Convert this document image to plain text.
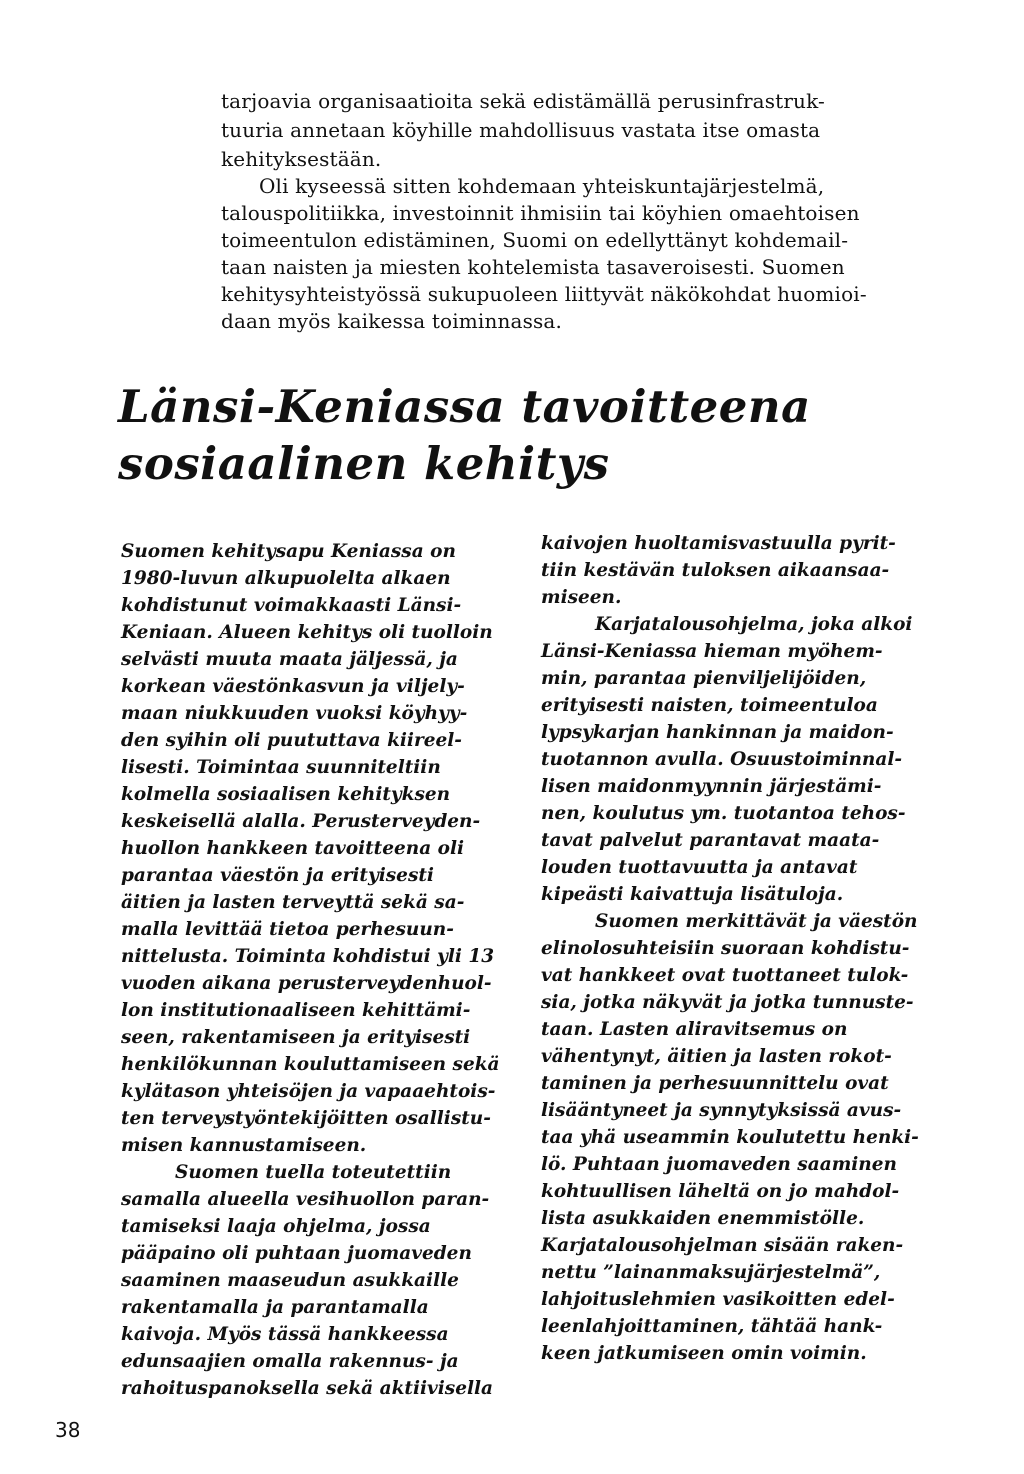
tarjoavia organisaatioita sekä edistämällä perusinfrastruk-

tuuria annetaan köyhille mahdollisuus vastata itse omasta

kehityksestään.

Oli kyseessä sitten kohdemaan yhteiskuntajärjestelmä,

talouspolitiikka, investoinnit ihmisiin tai köyhien omaehtoisen

toimeentulon edistäminen, Suomi on edellyttänyt kohdemail-

taan naisten ja miesten kohtelemista tasaveroisesti. Suomen

kehitysyhteistyössä sukupuoleen liittyvät näkökohdat huomioi-

daan myös kaikessa toiminnassa.

Länsi-Keniassa tavoitteena

sosiaalinen kehitys

Suomen kehitysapu Keniassa on

1980-luvun alkupuolelta alkaen

kohdistunut voimakkaasti Länsi-

Keniaan. Alueen kehitys oli tuolloin

selvästi muuta maata jäljessä, ja

korkean väestönkasvun ja viljely-

maan niukkuuden vuoksi köyhyy-

den syihin oli puututtava kiireel-

lisesti. Toimintaa suunniteltiin

kolmella sosiaalisen kehityksen

keskeisellä alalla. Perusterveyden-

huollon hankkeen tavoitteena oli

parantaa väestön ja erityisesti

äitien ja lasten terveyttä sekä sa-

malla levittää tietoa perhesuun-

nittelusta. Toiminta kohdistui yli 13

vuoden aikana perusterveydenhuol-

lon institutionaaliseen kehittämi-

seen, rakentamiseen ja erityisesti

henkilökunnan kouluttamiseen sekä

kylätason yhteisöjen ja vapaaehtois-

ten terveystyöntekijöitten osallistu-

misen kannustamiseen.

Suomen tuella toteutettiin

samalla alueella vesihuollon paran-

tamiseksi laaja ohjelma, jossa

pääpaino oli puhtaan juomaveden

saaminen maaseudun asukkaille

rakentamalla ja parantamalla

kaivoja. Myös tässä hankkeessa

edunsaajien omalla rakennus- ja

rahoituspanoksella sekä aktiivisella

kaivojen huoltamisvastuulla pyrit-

tiin kestävän tuloksen aikaansaa-

miseen.

Karjatalousohjelma, joka alkoi

Länsi-Keniassa hieman myöhem-

min, parantaa pienviljelijöiden,

erityisesti naisten, toimeentuloa

lypsykarjan hankinnan ja maidon-

tuotannon avulla. Osuustoiminnal-

lisen maidonmyynnin järjestämi-

nen, koulutus ym. tuotantoa tehos-

tavat palvelut parantavat maata-

louden tuottavuutta ja antavat

kipeästi kaivattuja lisätuloja.

Suomen merkittävät ja väestön

elinolosuhteisiin suoraan kohdistu-

vat hankkeet ovat tuottaneet tulok-

sia, jotka näkyvät ja jotka tunnuste-

taan. Lasten aliravitsemus on

vähentynyt, äitien ja lasten rokot-

taminen ja perhesuunnittelu ovat

lisääntyneet ja synnytyksissä avus-

taa yhä useammin koulutettu henki-

lö. Puhtaan juomaveden saaminen

kohtuullisen läheltä on jo mahdol-

lista asukkaiden enemmistölle.

Karjatalousohjelman sisään raken-

nettu ”lainanmaksujärjestelmä”,

lahjoituslehmien vasikoitten edel-

leenlahjoittaminen, tähtää hank-

keen jatkumiseen omin voimin.

38
